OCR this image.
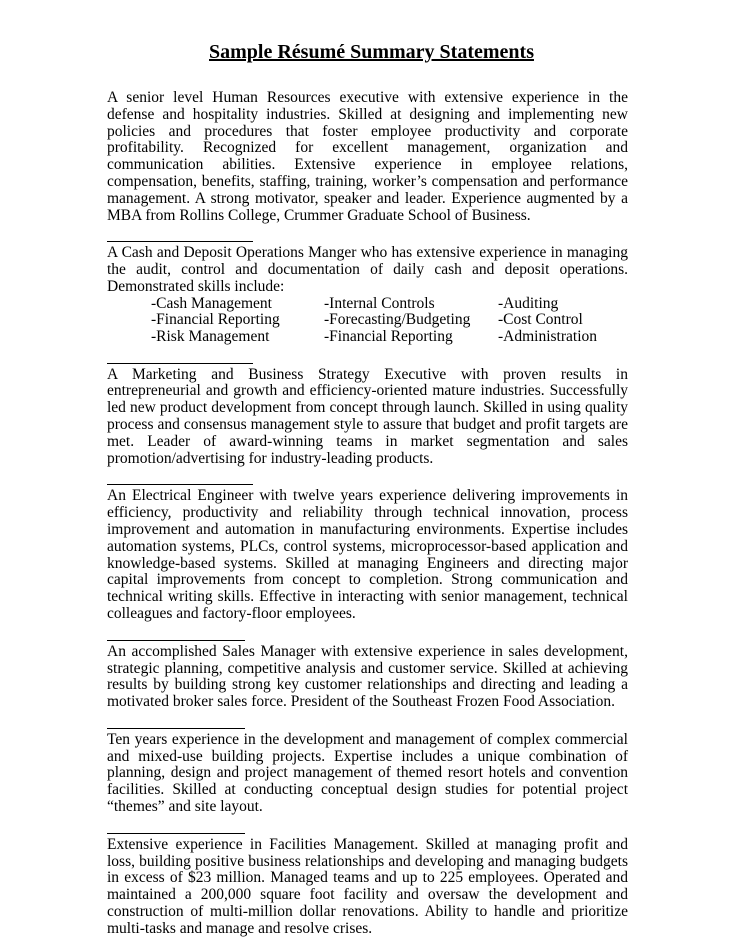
Sample Résumé Summary Statements

A senior level Human Resources executive with extensive experience in the defense and hospitality industries. Skilled at designing and implementing new policies and procedures that foster employee productivity and corporate profitability. Recognized for excellent management, organization and communication abilities. Extensive experience in employee relations, compensation, benefits, staffing, training, worker’s compensation and performance management. A strong motivator, speaker and leader. Experience augmented by a MBA from Rollins College, Crummer Graduate School of Business.

A Cash and Deposit Operations Manger who has extensive experience in managing the audit, control and documentation of daily cash and deposit operations. Demonstrated skills include:

-Cash Management	-Internal Controls	-Auditing
-Financial Reporting	-Forecasting/Budgeting	-Cost Control
-Risk Management	-Financial Reporting	-Administration

A Marketing and Business Strategy Executive with proven results in entrepreneurial and growth and efficiency-oriented mature industries. Successfully led new product development from concept through launch. Skilled in using quality process and consensus management style to assure that budget and profit targets are met. Leader of award-winning teams in market segmentation and sales promotion/advertising for industry-leading products.

An Electrical Engineer with twelve years experience delivering improvements in efficiency, productivity and reliability through technical innovation, process improvement and automation in manufacturing environments. Expertise includes automation systems, PLCs, control systems, microprocessor-based application and knowledge-based systems. Skilled at managing Engineers and directing major capital improvements from concept to completion. Strong communication and technical writing skills. Effective in interacting with senior management, technical colleagues and factory-floor employees.

An accomplished Sales Manager with extensive experience in sales development, strategic planning, competitive analysis and customer service. Skilled at achieving results by building strong key customer relationships and directing and leading a motivated broker sales force. President of the Southeast Frozen Food Association.

Ten years experience in the development and management of complex commercial and mixed-use building projects. Expertise includes a unique combination of planning, design and project management of themed resort hotels and convention facilities. Skilled at conducting conceptual design studies for potential project “themes” and site layout.

Extensive experience in Facilities Management. Skilled at managing profit and loss, building positive business relationships and developing and managing budgets in excess of $23 million. Managed teams and up to 225 employees. Operated and maintained a 200,000 square foot facility and oversaw the development and construction of multi-million dollar renovations. Ability to handle and prioritize multi-tasks and manage and resolve crises.
